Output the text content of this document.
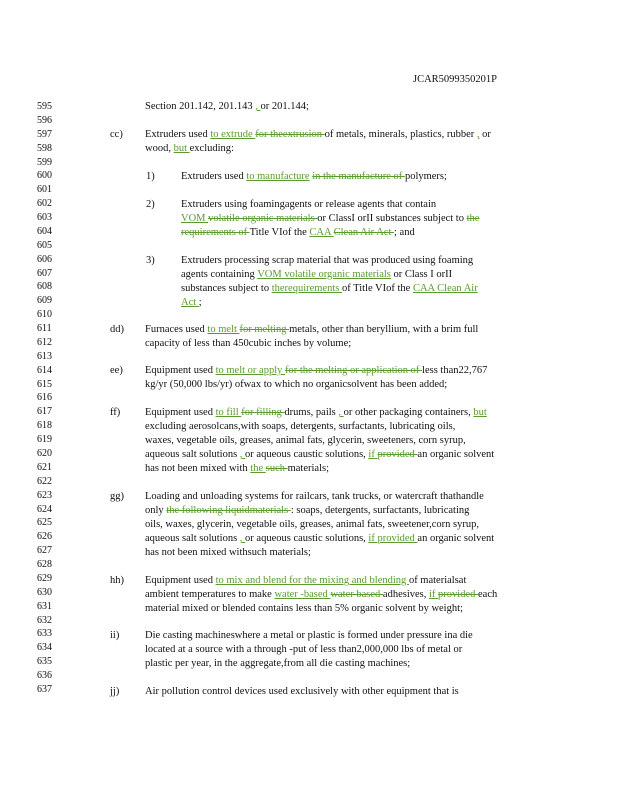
JCAR5099350201P
595
596
597
598
599
600
601
602
603
604
605
606
607
608
609
610
611
612
613
614
615
616
617
618
619
620
621
622
623
624
625
626
627
628
629
630
631
632
633
634
635
636
637
cc)
1)
2)
3)
dd)
ee)
ff)
gg)
hh)
ii)
jj)
Section 201.142, 201.143 , or 201.144;
Extruders used to extrude for theextrusion of metals, minerals, plastics, rubber , or
wood, but excluding:
Extruders used to manufacture in the manufacture of polymers;
Extruders using foamingagents or release agents that contain
VOM volatile organic materials or ClassI orII substances subject to the
requirements of Title VIof the CAA Clean Air Act ; and
Extruders processing scrap material that was produced using foaming
agents containing VOM volatile organic materials or Class I orII
substances subject to therequirements of Title VIof the CAA Clean Air
Act ;
Furnaces used to melt for melting metals, other than beryllium, with a brim full
capacity of less than 450cubic inches by volume;
Equipment used to melt or apply for the melting or application of less than22,767
kg/yr (50,000 lbs/yr) ofwax to which no organicsolvent has been added;
Equipment used to fill for filling drums, pails , or other packaging containers, but
excluding aerosolcans,with soaps, detergents, surfactants, lubricating oils,
waxes, vegetable oils, greases, animal fats, glycerin, sweeteners, corn syrup,
aqueous salt solutions , or aqueous caustic solutions, if provided an organic solvent
has not been mixed with the such materials;
Loading and unloading systems for railcars, tank trucks, or watercraft thathandle
only the following liquidmaterials : soaps, detergents, surfactants, lubricating
oils, waxes, glycerin, vegetable oils, greases, animal fats, sweetener,corn syrup,
aqueous salt solutions , or aqueous caustic solutions, if provided an organic solvent
has not been mixed withsuch materials;
Equipment used to mix and blend for the mixing and blending of materialsat
ambient temperatures to make water -based water based adhesives, if provided each
material mixed or blended contains less than 5% organic solvent by weight;
Die casting machineswhere a metal or plastic is formed under pressure ina die
located at a source with a through -put of less than2,000,000 lbs of metal or
plastic per year, in the aggregate,from all die casting machines;
Air pollution control devices used exclusively with other equipment that is
